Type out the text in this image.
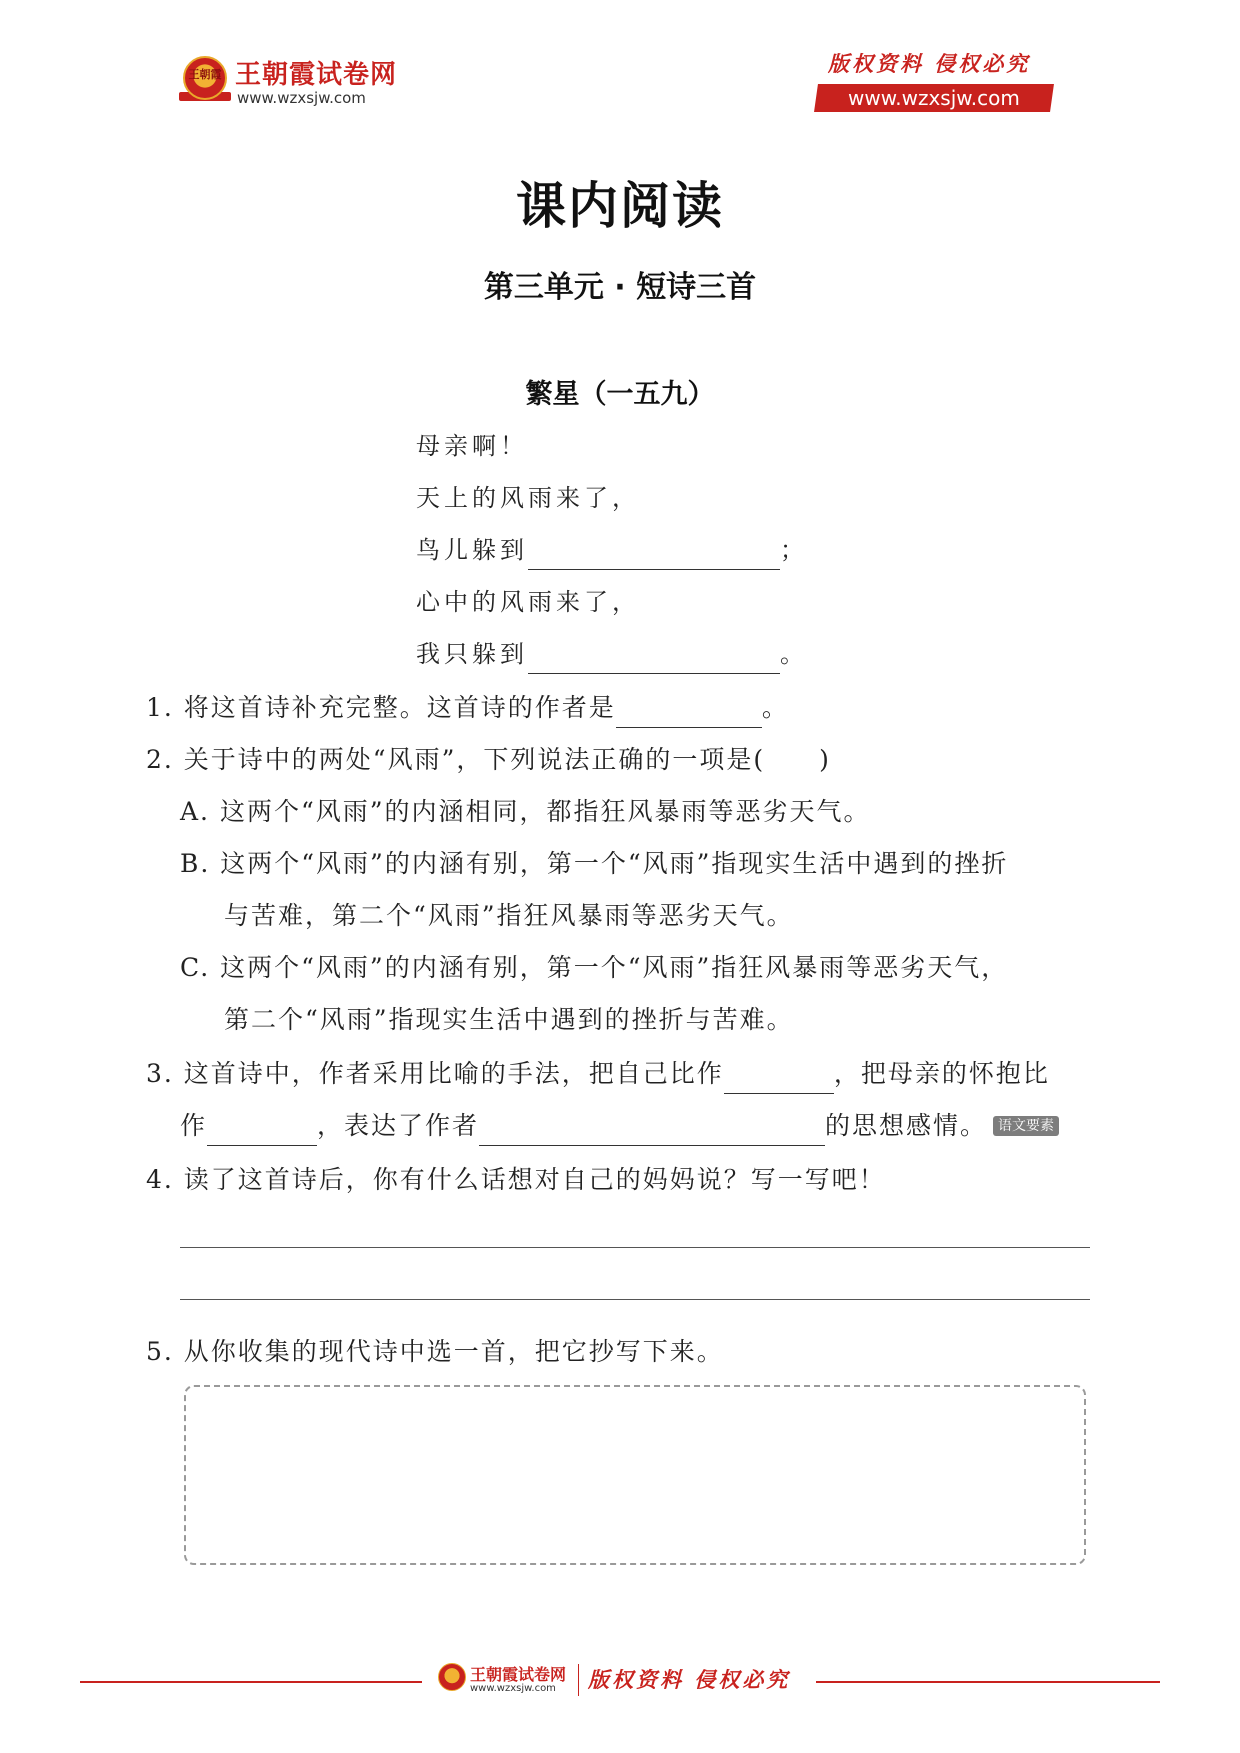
王朝霞 王朝霞试卷网
www.wzxsjw.com
版权资料 侵权必究
www.wzxsjw.com
课内阅读
第三单元 · 短诗三首
繁星（一五九）
母亲啊！
天上的风雨来了，
鸟儿躲到	；
心中的风雨来了，
我只躲到	。
1. 将这首诗补充完整。这首诗的作者是	。
2. 关于诗中的两处“风雨”，下列说法正确的一项是(　　)
A. 这两个“风雨”的内涵相同，都指狂风暴雨等恶劣天气。
B. 这两个“风雨”的内涵有别，第一个“风雨”指现实生活中遇到的挫折
与苦难，第二个“风雨”指狂风暴雨等恶劣天气。
C. 这两个“风雨”的内涵有别，第一个“风雨”指狂风暴雨等恶劣天气，
第二个“风雨”指现实生活中遇到的挫折与苦难。
3. 这首诗中，作者采用比喻的手法，把自己比作	，把母亲的怀抱比
作	，表达了作者	的思想感情。 语文要素
4. 读了这首诗后，你有什么话想对自己的妈妈说？写一写吧！
5. 从你收集的现代诗中选一首，把它抄写下来。
王朝霞试卷网
www.wzxsjw.com 版权资料 侵权必究
